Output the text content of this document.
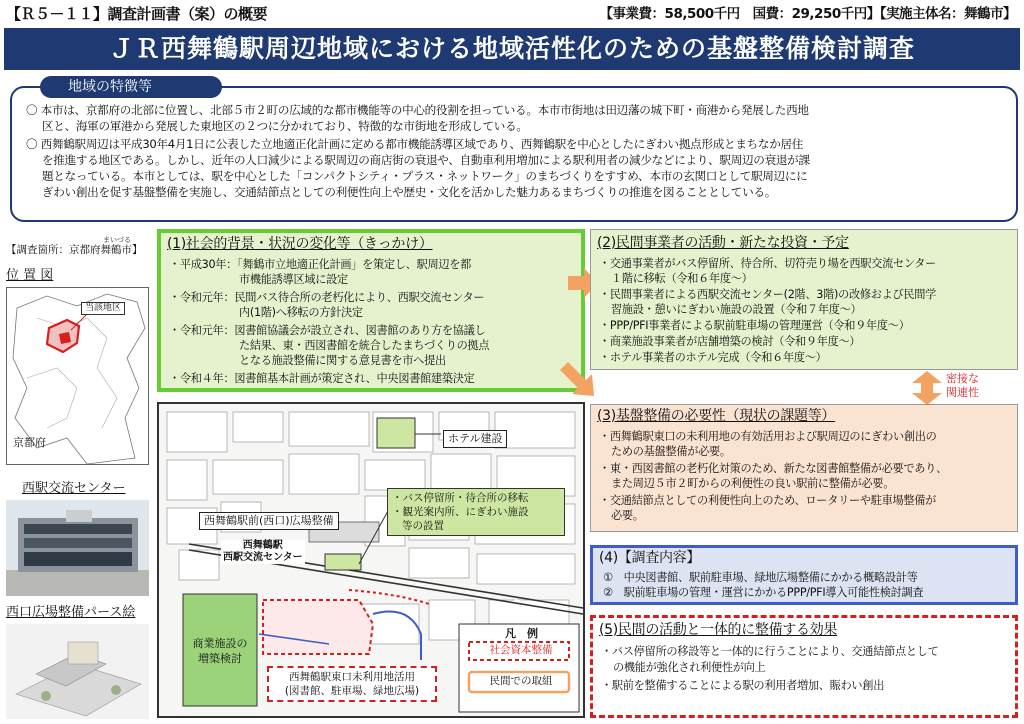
【Ｒ５－１１】調査計画書（案）の概要	【事業費：58,500千円　国費：29,250千円】【実施主体名：舞鶴市】
ＪＲ西舞鶴駅周辺地域における地域活性化のための基盤整備検討調査
〇 本市は、京都府の北部に位置し、北部５市２町の広域的な都市機能等の中心的役割を担っている。本市市街地は田辺藩の城下町・商港から発展した西地
区と、海軍の軍港から発展した東地区の２つに分かれており、特徴的な市街地を形成している。
〇 西舞鶴駅周辺は平成30年4月1日に公表した立地適正化計画に定める都市機能誘導区域であり、西舞鶴駅を中心としたにぎわい拠点形成とまちなか居住
を推進する地区である。しかし、近年の人口減少による駅周辺の商店街の衰退や、自動車利用増加による駅利用者の減少などにより、駅周辺の衰退が課
題となっている。本市としては、駅を中心とした「コンパクトシティ・プラス・ネットワーク」のまちづくりをすすめ、本市の玄関口として駅周辺にに
ぎわい創出を促す基盤整備を実施し、交通結節点としての利便性向上や歴史・文化を活かした魅力あるまちづくりの推進を図ることとしている。
地域の特徴等
まいづる
【調査箇所：京都府舞鶴市】
位 置 図
当該地区
京都府
西駅交流センター
西口広場整備パース絵
(1)社会的背景・状況の変化等（きっかけ）
・平成30年：「舞鶴市立地適正化計画」を策定し、駅周辺を都
市機能誘導区域に設定
・令和元年：民間バス待合所の老朽化により、西駅交流センター
内(1階)へ移転の方針決定
・令和元年：図書館協議会が設立され、図書館のあり方を協議し
た結果、東・西図書館を統合したまちづくりの拠点
となる施設整備に関する意見書を市へ提出
・令和４年：図書館基本計画が策定され、中央図書館建築決定
(2)民間事業者の活動・新たな投資・予定
・交通事業者がバス停留所、待合所、切符売り場を西駅交流センター
１階に移転（令和６年度～）
・民間事業者による西駅交流センター(2階、3階)の改修および民間学
習施設・憩いにぎわい施設の設置（令和７年度～）
・PPP/PFI事業者による駅前駐車場の管理運営（令和９年度～）
・商業施設事業者が店舗増築の検討（令和９年度～）
・ホテル事業者のホテル完成（令和６年度～）
密接な
関連性
(3)基盤整備の必要性（現状の課題等）
・西舞鶴駅東口の未利用地の有効活用および駅周辺のにぎわい創出の
ための基盤整備が必要。
・東・西図書館の老朽化対策のため、新たな図書館整備が必要であり、
また周辺５市２町からの利便性の良い駅前に整備が必要。
・交通結節点としての利便性向上のため、ロータリーや駐車場整備が
必要。
(4)【調査内容】
①　中央図書館、駅前駐車場、緑地広場整備にかかる概略設計等
②　駅前駐車場の管理・運営にかかるPPP/PFI導入可能性検討調査
(5)民間の活動と一体的に整備する効果
・バス停留所の移設等と一体的に行うことにより、交通結節点として
の機能が強化され利便性が向上
・駅前を整備することによる駅の利用者増加、賑わい創出
ホテル建設
・バス停留所・待合所の移転
・観光案内所、にぎわい施設
等の設置
西舞鶴駅前(西口)広場整備
西舞鶴駅
西駅交流センター
商業施設の
増築検討
西舞鶴駅東口未利用地活用
(図書館、駐車場、緑地広場)
凡　例
社会資本整備
民間での取組
